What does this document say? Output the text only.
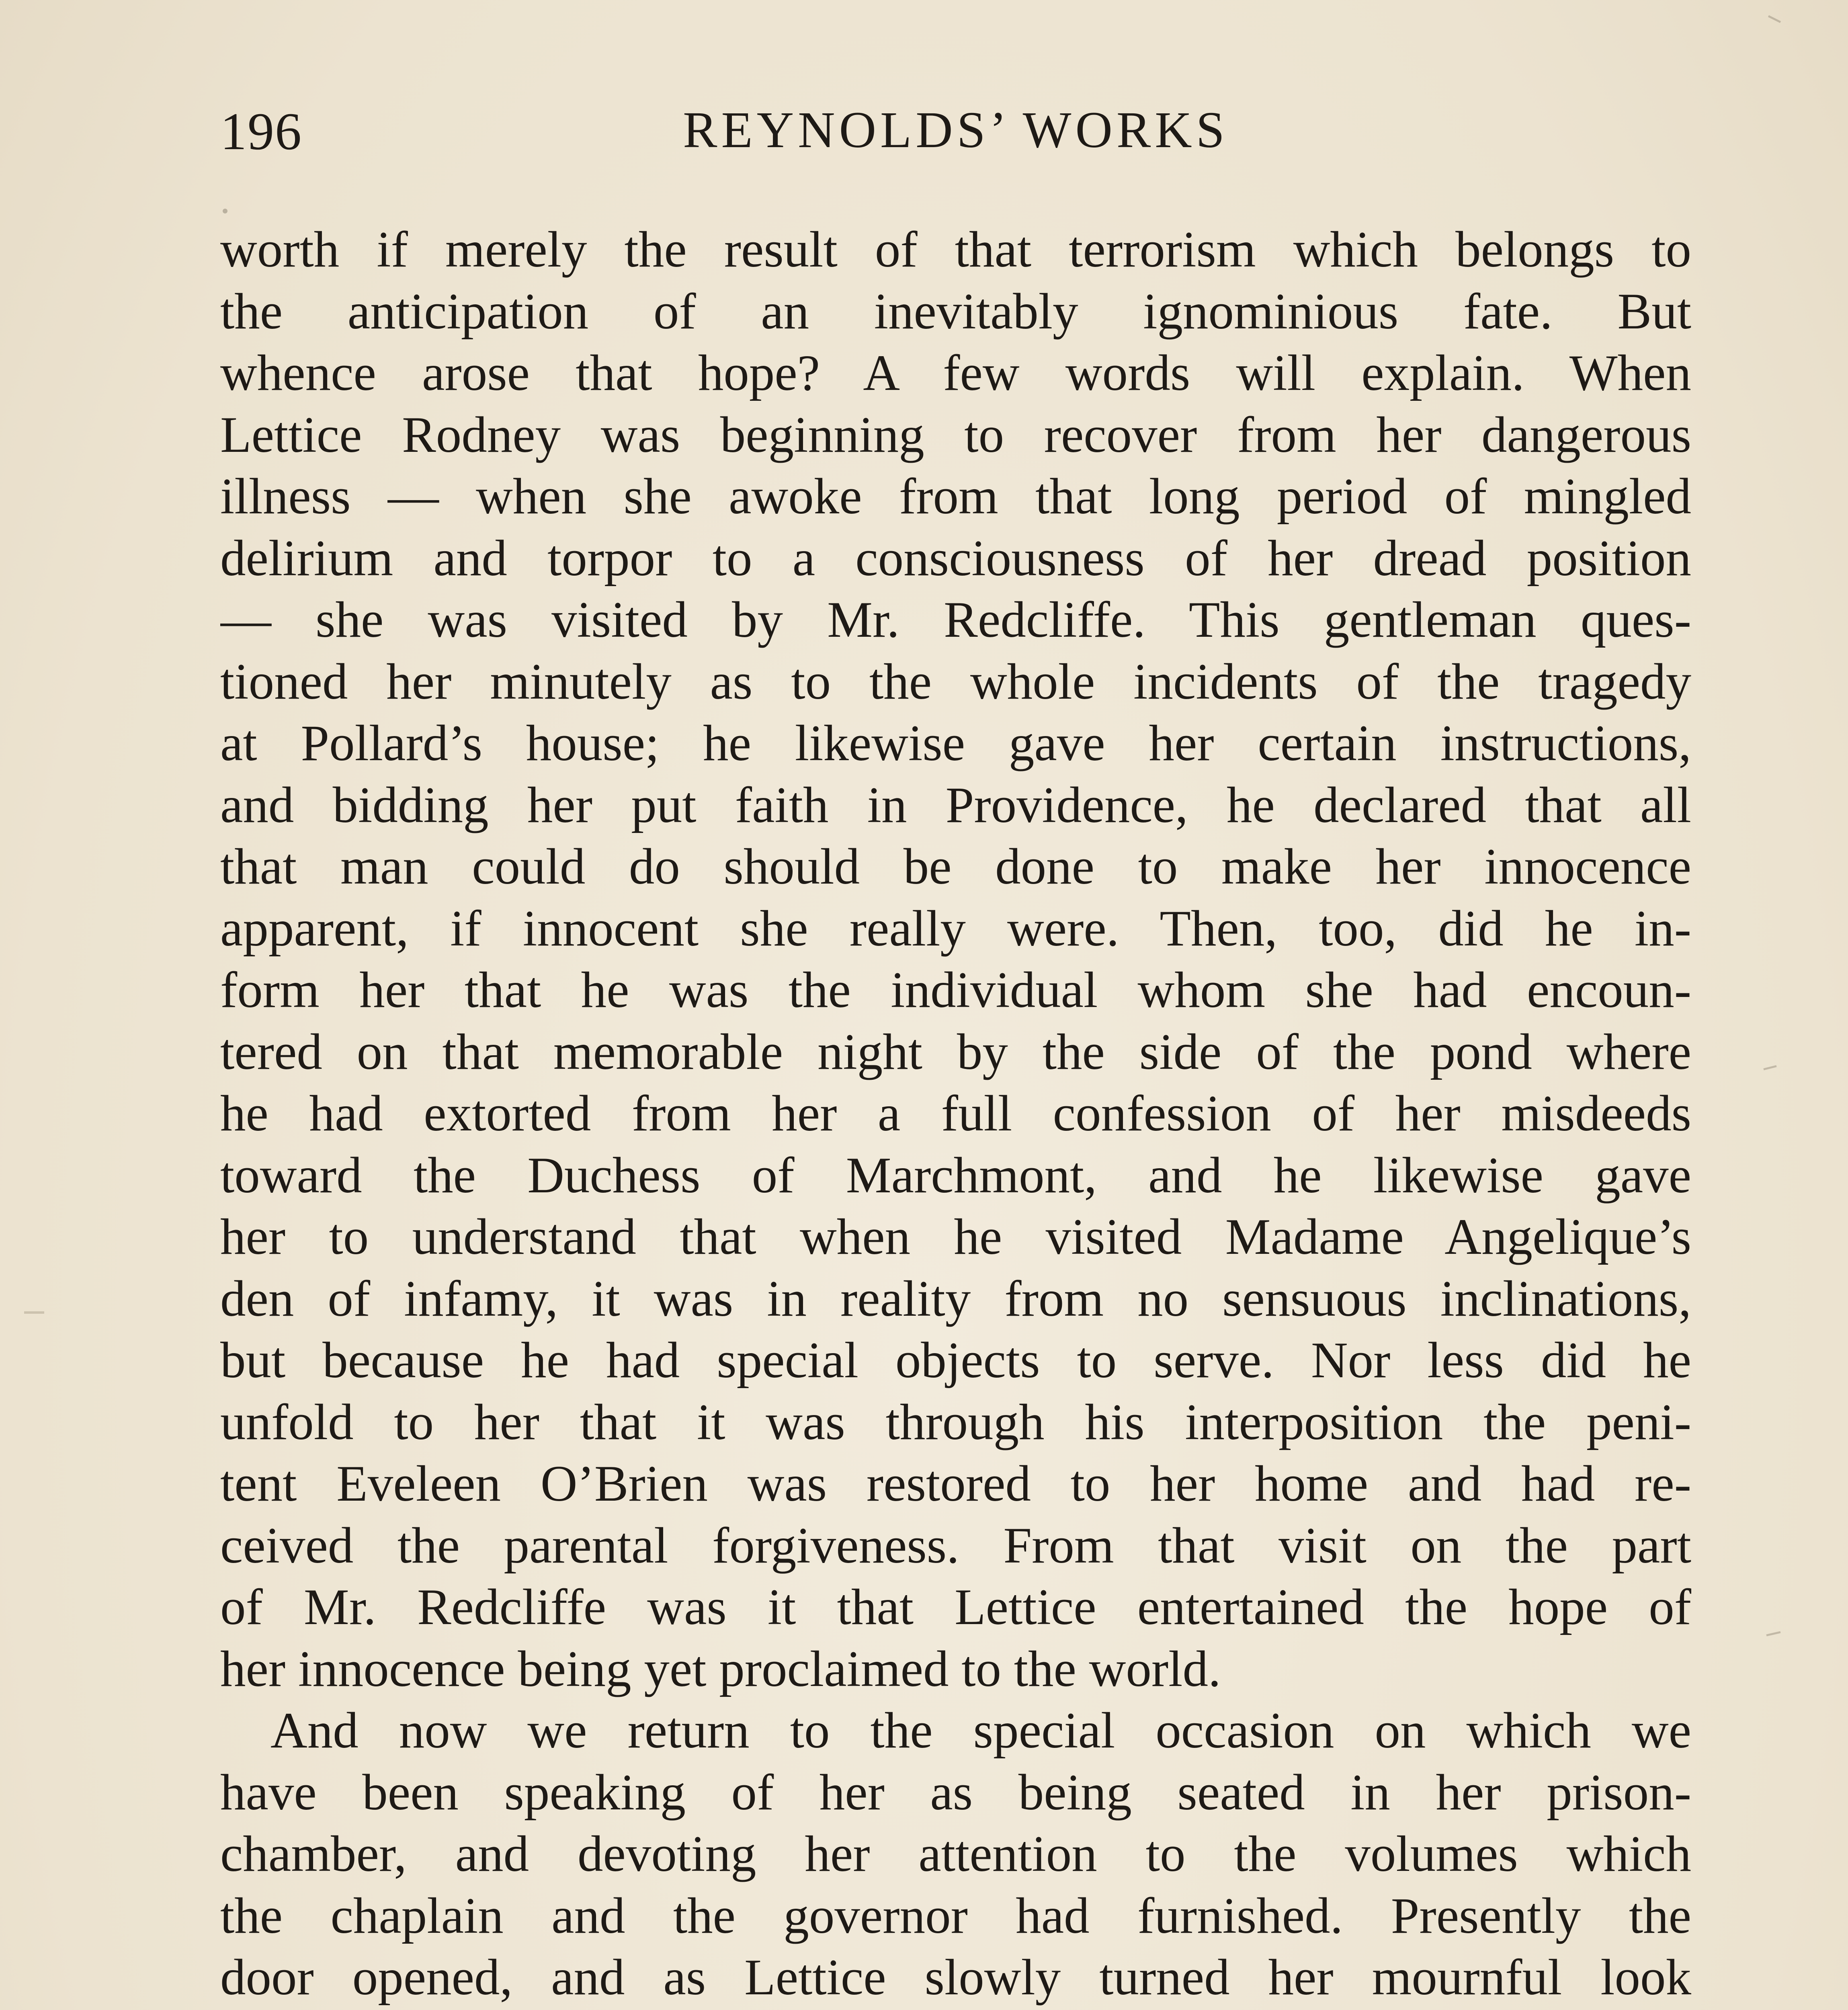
196	REYNOLDS’ WORKS
worth if merely the result of that terrorism which belongs to
the anticipation of an inevitably ignominious fate. But
whence arose that hope? A few words will explain. When
Lettice Rodney was beginning to recover from her dangerous
illness — when she awoke from that long period of mingled
delirium and torpor to a consciousness of her dread position
— she was visited by Mr. Redcliffe. This gentleman ques-
tioned her minutely as to the whole incidents of the tragedy
at Pollard’s house; he likewise gave her certain instructions,
and bidding her put faith in Providence, he declared that all
that man could do should be done to make her innocence
apparent, if innocent she really were. Then, too, did he in-
form her that he was the individual whom she had encoun-
tered on that memorable night by the side of the pond where
he had extorted from her a full confession of her misdeeds
toward the Duchess of Marchmont, and he likewise gave
her to understand that when he visited Madame Angelique’s
den of infamy, it was in reality from no sensuous inclinations,
but because he had special objects to serve. Nor less did he
unfold to her that it was through his interposition the peni-
tent Eveleen O’Brien was restored to her home and had re-
ceived the parental forgiveness. From that visit on the part
of Mr. Redcliffe was it that Lettice entertained the hope of
her innocence being yet proclaimed to the world.
And now we return to the special occasion on which we
have been speaking of her as being seated in her prison-
chamber, and devoting her attention to the volumes which
the chaplain and the governor had furnished. Presently the
door opened, and as Lettice slowly turned her mournful look
